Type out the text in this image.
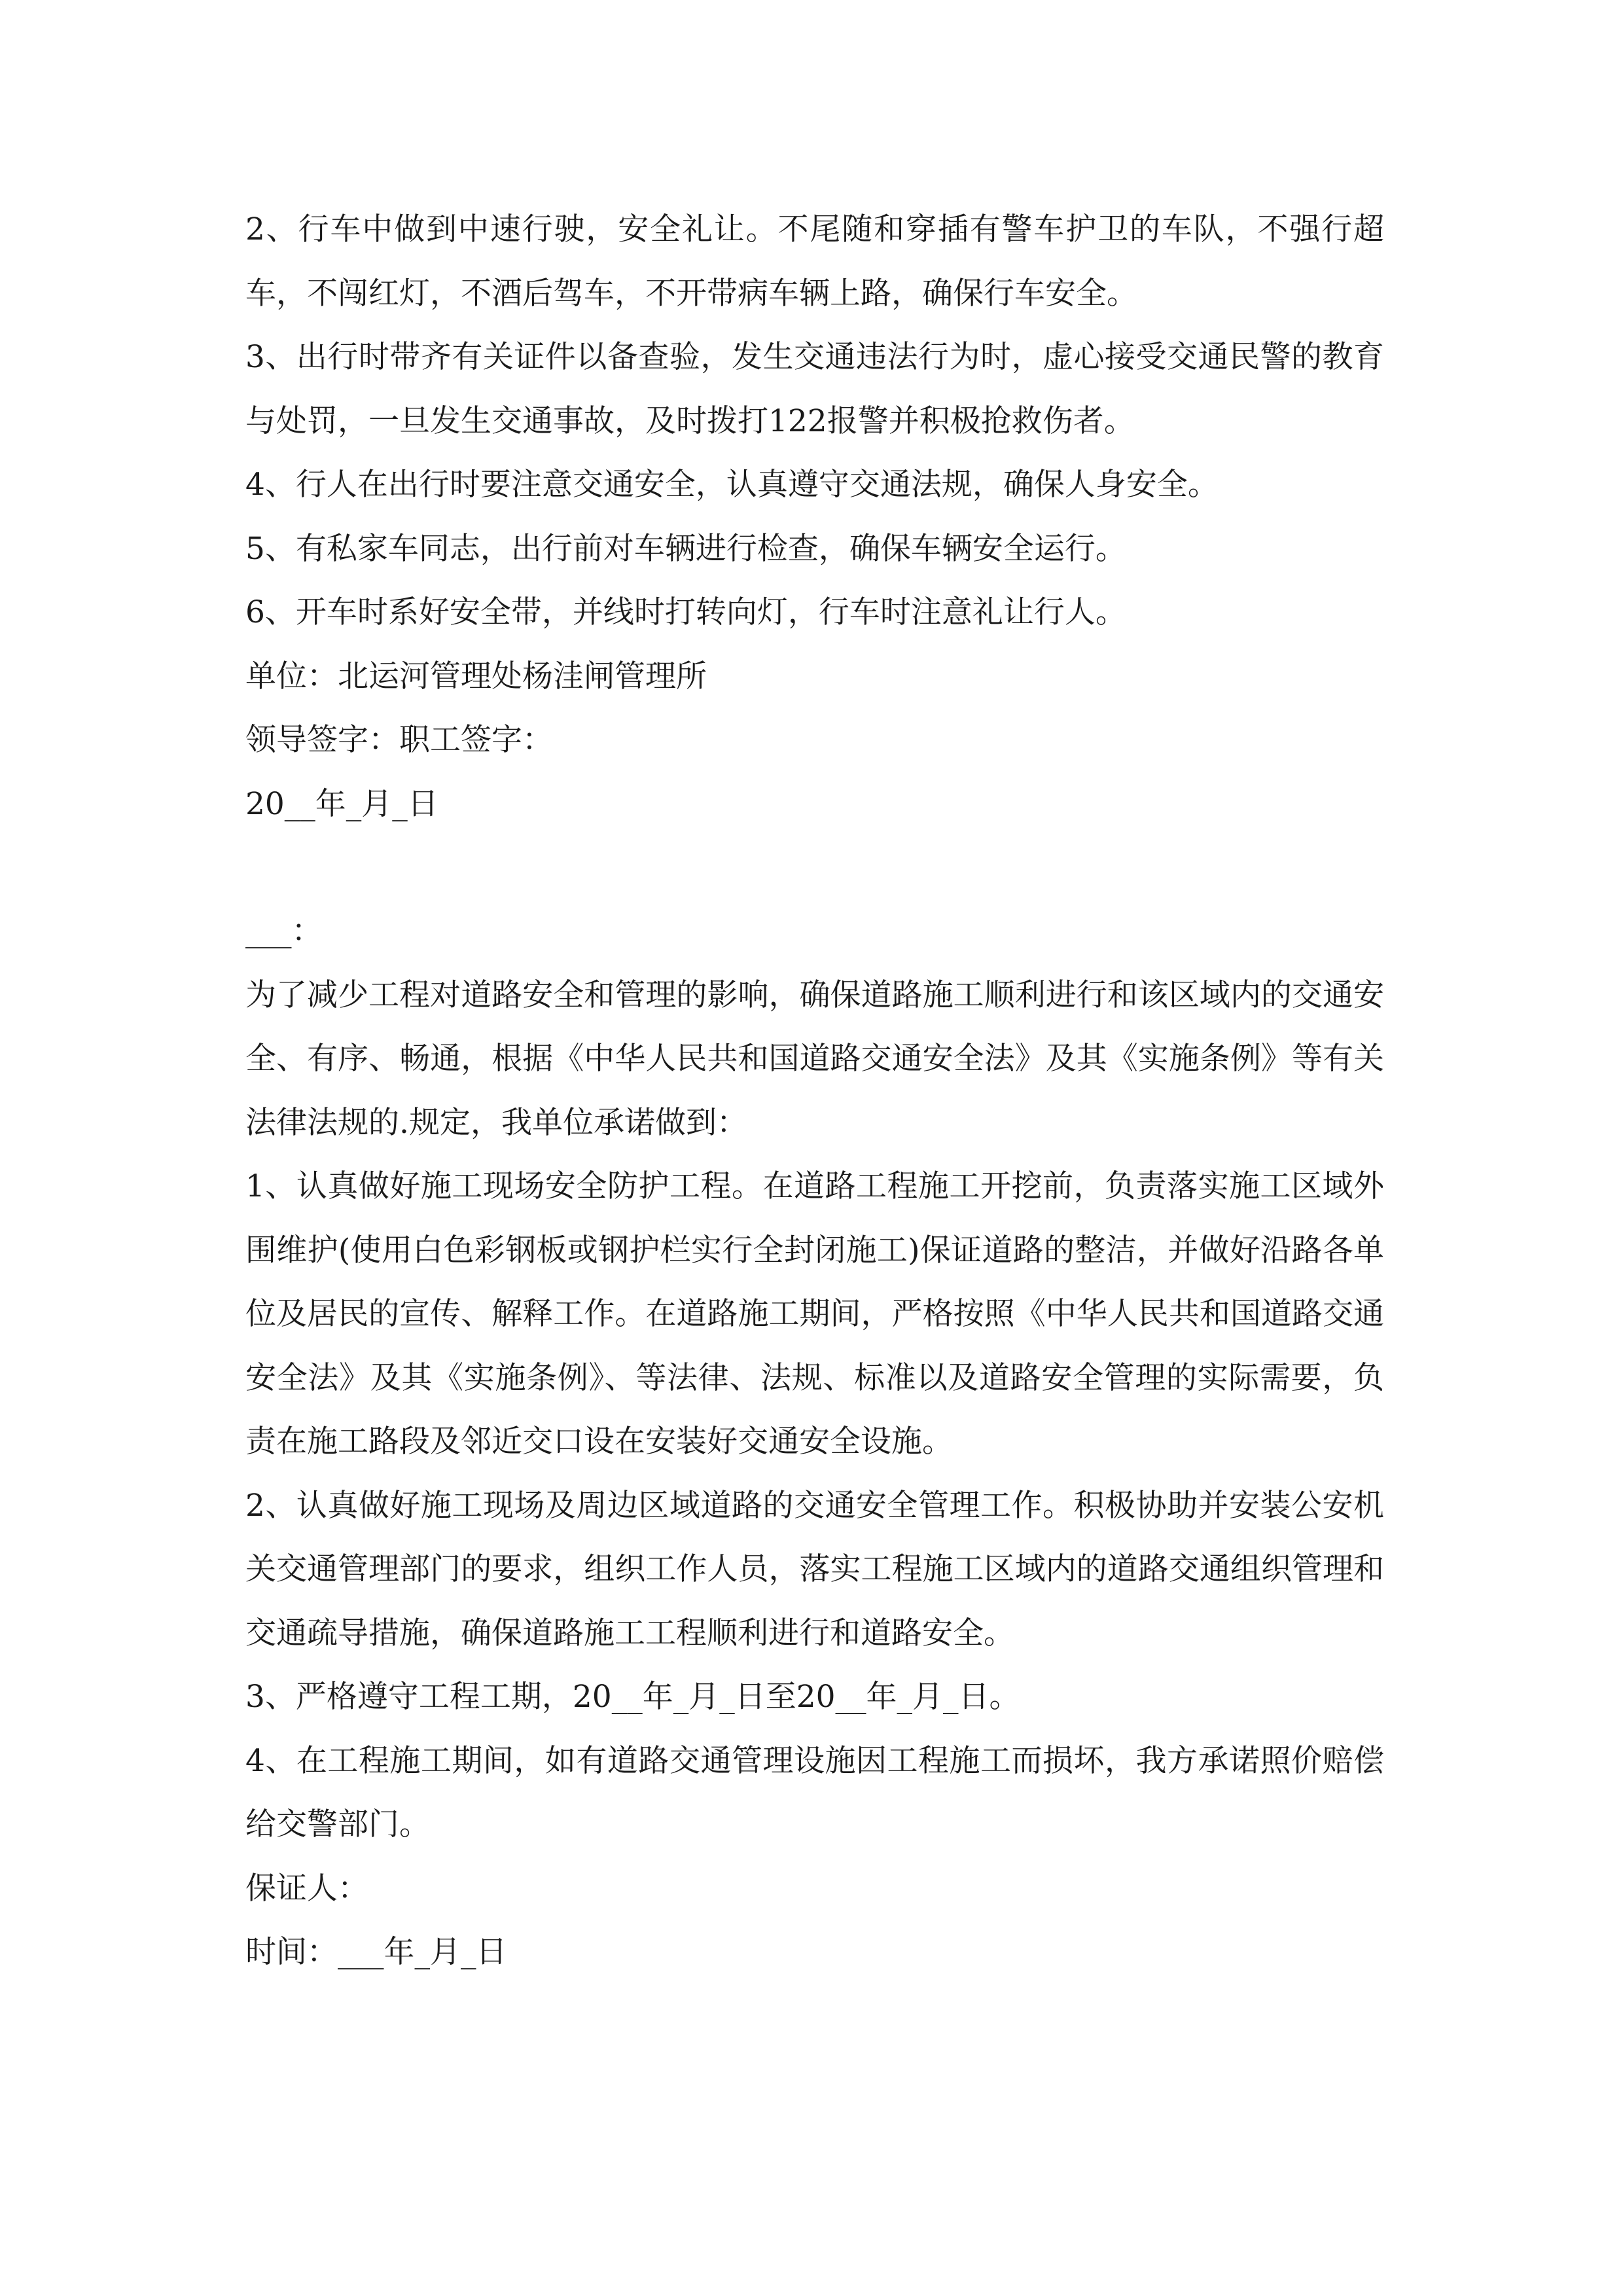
2、行车中做到中速行驶，安全礼让。不尾随和穿插有警车护卫的车队，不强行超车，不闯红灯，不酒后驾车，不开带病车辆上路，确保行车安全。

3、出行时带齐有关证件以备查验，发生交通违法行为时，虚心接受交通民警的教育与处罚，一旦发生交通事故，及时拨打122报警并积极抢救伤者。

4、行人在出行时要注意交通安全，认真遵守交通法规，确保人身安全。

5、有私家车同志，出行前对车辆进行检查，确保车辆安全运行。

6、开车时系好安全带，并线时打转向灯，行车时注意礼让行人。

单位：北运河管理处杨洼闸管理所

领导签字：职工签字：

20__年_月_日

___：

为了减少工程对道路安全和管理的影响，确保道路施工顺利进行和该区域内的交通安全、有序、畅通，根据《中华人民共和国道路交通安全法》及其《实施条例》等有关法律法规的.规定，我单位承诺做到：

1、认真做好施工现场安全防护工程。在道路工程施工开挖前，负责落实施工区域外围维护(使用白色彩钢板或钢护栏实行全封闭施工)保证道路的整洁，并做好沿路各单位及居民的宣传、解释工作。在道路施工期间，严格按照《中华人民共和国道路交通安全法》及其《实施条例》、等法律、法规、标准以及道路安全管理的实际需要，负责在施工路段及邻近交口设在安装好交通安全设施。

2、认真做好施工现场及周边区域道路的交通安全管理工作。积极协助并安装公安机关交通管理部门的要求，组织工作人员，落实工程施工区域内的道路交通组织管理和交通疏导措施，确保道路施工工程顺利进行和道路安全。

3、严格遵守工程工期，20__年_月_日至20__年_月_日。

4、在工程施工期间，如有道路交通管理设施因工程施工而损坏，我方承诺照价赔偿给交警部门。

保证人：

时间：___年_月_日
